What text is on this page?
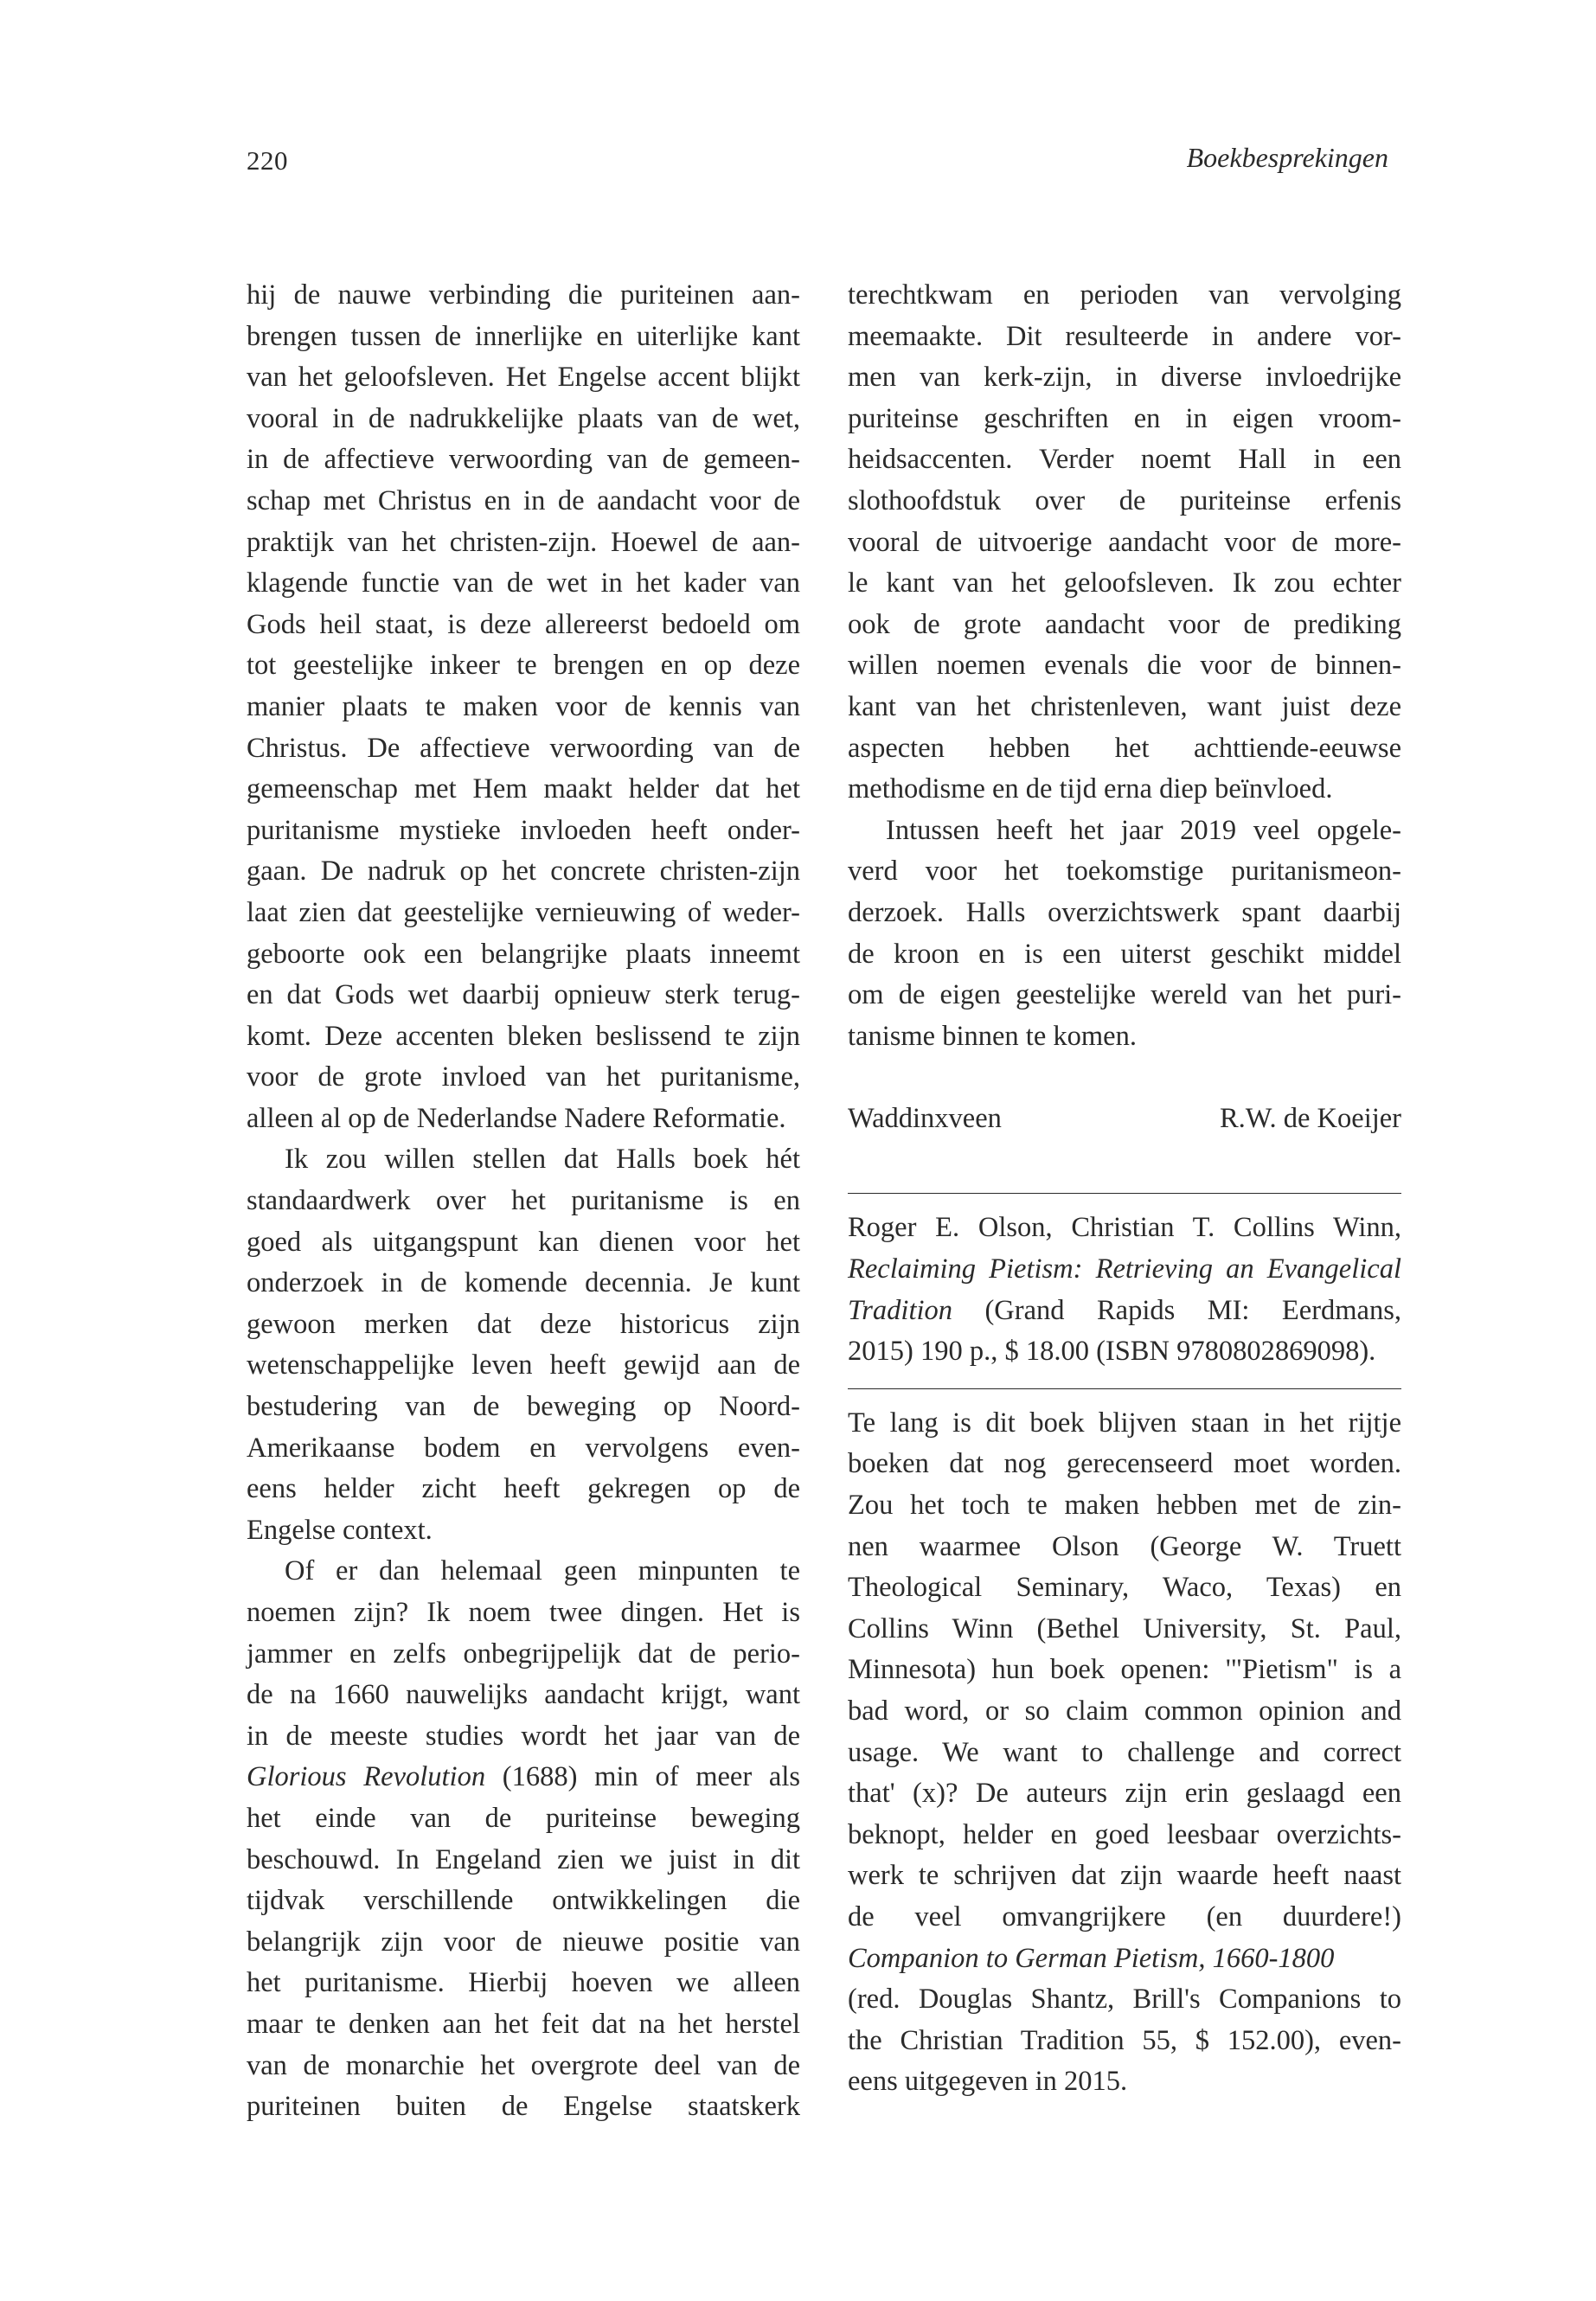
220	Boekbesprekingen
hij de nauwe verbinding die puriteinen aan-
brengen tussen de innerlijke en uiterlijke kant
van het geloofsleven. Het Engelse accent blijkt
vooral in de nadrukkelijke plaats van de wet,
in de affectieve verwoording van de gemeen-
schap met Christus en in de aandacht voor de
praktijk van het christen-zijn. Hoewel de aan-
klagende functie van de wet in het kader van
Gods heil staat, is deze allereerst bedoeld om
tot geestelijke inkeer te brengen en op deze
manier plaats te maken voor de kennis van
Christus. De affectieve verwoording van de
gemeenschap met Hem maakt helder dat het
puritanisme mystieke invloeden heeft onder-
gaan. De nadruk op het concrete christen-zijn
laat zien dat geestelijke vernieuwing of weder-
geboorte ook een belangrijke plaats inneemt
en dat Gods wet daarbij opnieuw sterk terug-
komt. Deze accenten bleken beslissend te zijn
voor de grote invloed van het puritanisme,
alleen al op de Nederlandse Nadere Reformatie.
Ik zou willen stellen dat Halls boek hét
standaardwerk over het puritanisme is en
goed als uitgangspunt kan dienen voor het
onderzoek in de komende decennia. Je kunt
gewoon merken dat deze historicus zijn
wetenschappelijke leven heeft gewijd aan de
bestudering van de beweging op Noord-
Amerikaanse bodem en vervolgens even-
eens helder zicht heeft gekregen op de
Engelse context.
Of er dan helemaal geen minpunten te
noemen zijn? Ik noem twee dingen. Het is
jammer en zelfs onbegrijpelijk dat de perio-
de na 1660 nauwelijks aandacht krijgt, want
in de meeste studies wordt het jaar van de
Glorious Revolution (1688) min of meer als
het einde van de puriteinse beweging
beschouwd. In Engeland zien we juist in dit
tijdvak verschillende ontwikkelingen die
belangrijk zijn voor de nieuwe positie van
het puritanisme. Hierbij hoeven we alleen
maar te denken aan het feit dat na het herstel
van de monarchie het overgrote deel van de
puriteinen buiten de Engelse staatskerk
terechtkwam en perioden van vervolging
meemaakte. Dit resulteerde in andere vor-
men van kerk-zijn, in diverse invloedrijke
puriteinse geschriften en in eigen vroom-
heidsaccenten. Verder noemt Hall in een
slothoofdstuk over de puriteinse erfenis
vooral de uitvoerige aandacht voor de more-
le kant van het geloofsleven. Ik zou echter
ook de grote aandacht voor de prediking
willen noemen evenals die voor de binnen-
kant van het christenleven, want juist deze
aspecten hebben het achttiende-eeuwse
methodisme en de tijd erna diep beïnvloed.
Intussen heeft het jaar 2019 veel opgele-
verd voor het toekomstige puritanismeon-
derzoek. Halls overzichtswerk spant daarbij
de kroon en is een uiterst geschikt middel
om de eigen geestelijke wereld van het puri-
tanisme binnen te komen.
Waddinxveen	R.W. de Koeijer
Roger E. Olson, Christian T. Collins Winn,
Reclaiming Pietism: Retrieving an Evangelical
Tradition (Grand Rapids MI: Eerdmans,
2015) 190 p., $ 18.00 (ISBN 9780802869098).
Te lang is dit boek blijven staan in het rijtje
boeken dat nog gerecenseerd moet worden.
Zou het toch te maken hebben met de zin-
nen waarmee Olson (George W. Truett
Theological Seminary, Waco, Texas) en
Collins Winn (Bethel University, St. Paul,
Minnesota) hun boek openen: '"Pietism" is a
bad word, or so claim common opinion and
usage. We want to challenge and correct
that' (x)? De auteurs zijn erin geslaagd een
beknopt, helder en goed leesbaar overzichts-
werk te schrijven dat zijn waarde heeft naast
de veel omvangrijkere (en duurdere!)
Companion to German Pietism, 1660-1800
(red. Douglas Shantz, Brill's Companions to
the Christian Tradition 55, $ 152.00), even-
eens uitgegeven in 2015.
